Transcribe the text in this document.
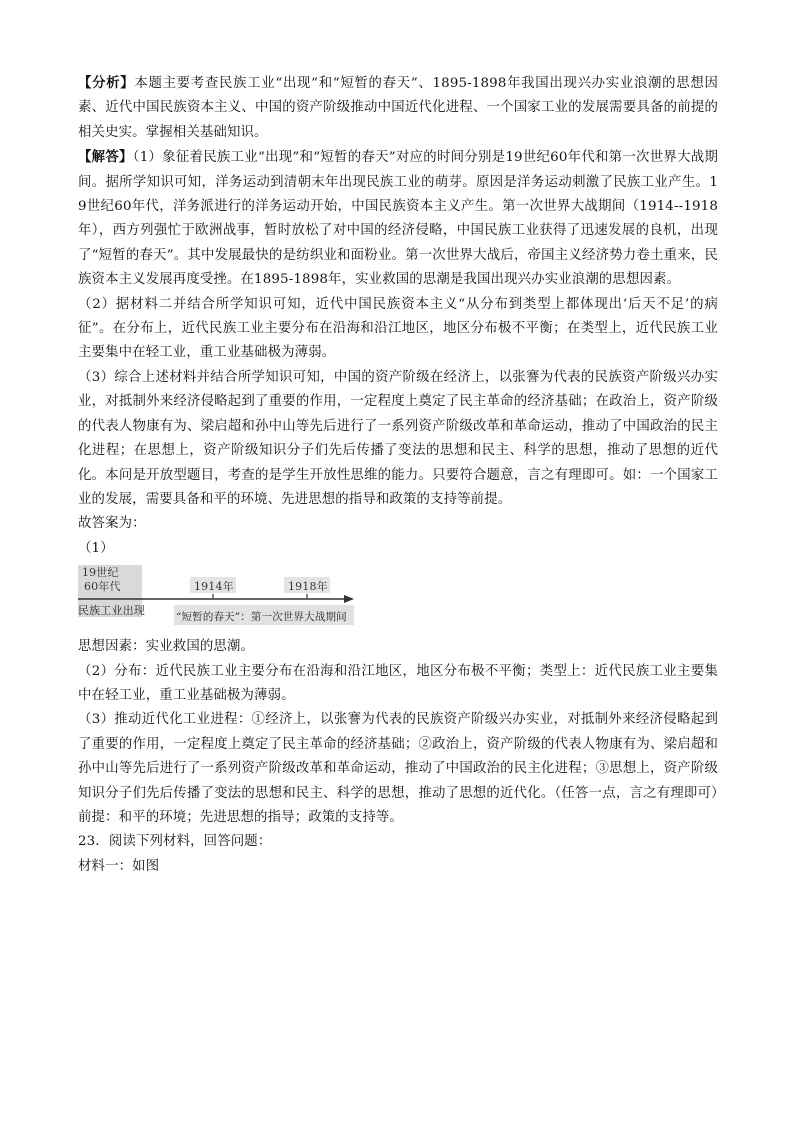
【分析】本题主要考查民族工业“出现”和“短暂的春天”、1895-1898年我国出现兴办实业浪潮的思想因素、近代中国民族资本主义、中国的资产阶级推动中国近代化进程、一个国家工业的发展需要具备的前提的相关史实。掌握相关基础知识。

【解答】（1）象征着民族工业“出现”和“短暂的春天”对应的时间分别是19世纪60年代和第一次世界大战期间。据所学知识可知，洋务运动到清朝末年出现民族工业的萌芽。原因是洋务运动刺激了民族工业产生。19世纪60年代，洋务派进行的洋务运动开始，中国民族资本主义产生。第一次世界大战期间（1914--1918年），西方列强忙于欧洲战事，暂时放松了对中国的经济侵略，中国民族工业获得了迅速发展的良机，出现了“短暂的春天”。其中发展最快的是纺织业和面粉业。第一次世界大战后，帝国主义经济势力卷土重来，民族资本主义发展再度受挫。在1895-1898年，实业救国的思潮是我国出现兴办实业浪潮的思想因素。

（2）据材料二并结合所学知识可知，近代中国民族资本主义“从分布到类型上都体现出‘后天不足’的病征”。在分布上，近代民族工业主要分布在沿海和沿江地区，地区分布极不平衡；在类型上，近代民族工业主要集中在轻工业，重工业基础极为薄弱。

（3）综合上述材料并结合所学知识可知，中国的资产阶级在经济上，以张謇为代表的民族资产阶级兴办实业，对抵制外来经济侵略起到了重要的作用，一定程度上奠定了民主革命的经济基础；在政治上，资产阶级的代表人物康有为、梁启超和孙中山等先后进行了一系列资产阶级改革和革命运动，推动了中国政治的民主化进程；在思想上，资产阶级知识分子们先后传播了变法的思想和民主、科学的思想，推动了思想的近代化。本问是开放型题目，考查的是学生开放性思维的能力。只要符合题意，言之有理即可。如：一个国家工业的发展，需要具备和平的环境、先进思想的指导和政策的支持等前提。

故答案为：

（1）

19世纪
60年代	1914年	1918年
民族工业出现	“短暂的春天”：第一次世界大战期间

思想因素：实业救国的思潮。

（2）分布：近代民族工业主要分布在沿海和沿江地区，地区分布极不平衡；类型上：近代民族工业主要集中在轻工业，重工业基础极为薄弱。

（3）推动近代化工业进程：①经济上，以张謇为代表的民族资产阶级兴办实业，对抵制外来经济侵略起到了重要的作用，一定程度上奠定了民主革命的经济基础；②政治上，资产阶级的代表人物康有为、梁启超和孙中山等先后进行了一系列资产阶级改革和革命运动，推动了中国政治的民主化进程；③思想上，资产阶级知识分子们先后传播了变法的思想和民主、科学的思想，推动了思想的近代化。（任答一点，言之有理即可）前提：和平的环境；先进思想的指导；政策的支持等。

23．阅读下列材料，回答问题：

材料一：如图
